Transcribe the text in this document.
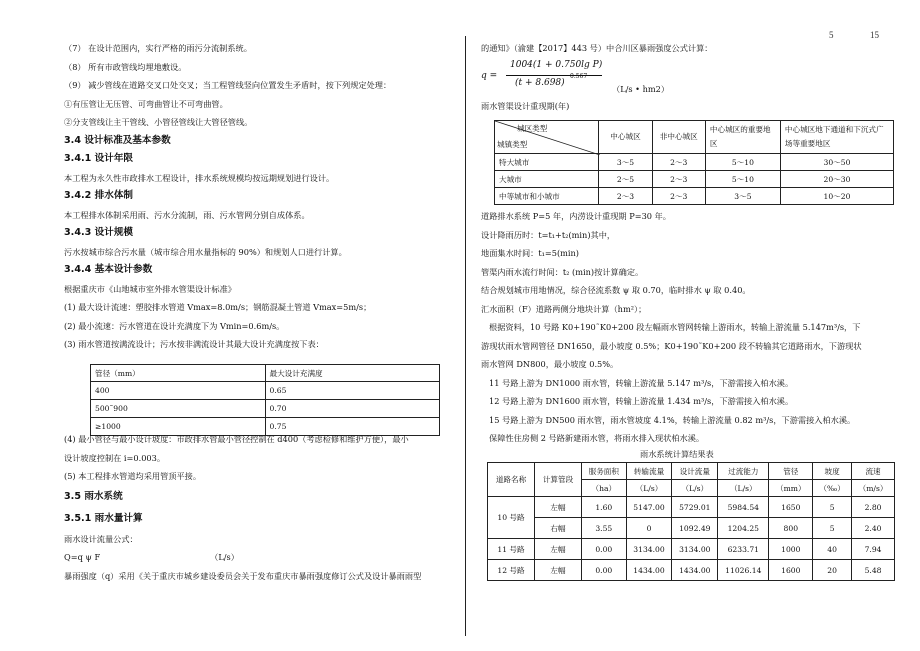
5	15

（7） 在设计范围内，实行严格的雨污分流制系统。

（8） 所有市政管线均埋地敷设。

（9） 减少管线在道路交叉口处交叉；当工程管线竖向位置发生矛盾时，按下列规定处理：

①有压管让无压管、可弯曲管让不可弯曲管。

②分支管线让主干管线、小管径管线让大管径管线。

3.4 设计标准及基本参数

3.4.1 设计年限

本工程为永久性市政排水工程设计，排水系统规模均按远期规划进行设计。

3.4.2 排水体制

本工程排水体制采用雨、污水分流制，雨、污水管网分别自成体系。

3.4.3 设计规模

污水按城市综合污水量（城市综合用水量指标的 90%）和规划人口进行计算。

3.4.4 基本设计参数

根据重庆市《山地城市室外排水管渠设计标准》

(1) 最大设计流速：塑胶排水管道 Vmax=8.0m/s；钢筋混凝土管道 Vmax=5m/s；

(2) 最小流速：污水管道在设计充满度下为 Vmin=0.6m/s。

(3) 雨水管道按满流设计；污水按非满流设计其最大设计充满度按下表：

管径（mm）	最大设计充满度
400	0.65
500˜900	0.70
≥1000	0.75

(4) 最小管径与最小设计坡度：市政排水管最小管径控制在 d400（考虑检修和维护方便），最小

设计坡度控制在 i=0.003。

(5) 本工程排水管道均采用管顶平接。

3.5 雨水系统

3.5.1 雨水量计算

雨水设计流量公式：

Q=q ψ F	（L/s）

暴雨强度（q）采用《关于重庆市城乡建设委员会关于发布重庆市暴雨强度修订公式及设计暴雨雨型

的通知》（渝建【2017】443 号）中合川区暴雨强度公式计算：

q =
1004(1 + 0.750lg P)
(t + 8.698)
0.567
（L/s • hm2）
雨水管渠设计重现期(年)
城区类型
城镇类型	中心城区	非中心城区	中心城区的重要地区	中心城区地下通道和下沉式广场等重要地区
特大城市	3～5	2～3	5～10	30～50
大城市	2～5	2～3	5～10	20～30
中等城市和小城市	2～3	2～3	3～5	10～20

道路排水系统 P=5 年，内涝设计重现期 P=30 年。

设计降雨历时：t=t₁+t₂(min)其中，

地面集水时间：t₁=5(min)

管渠内雨水流行时间：t₂ (min)按计算确定。

结合规划城市用地情况，综合径流系数 ψ 取 0.70，临时排水 ψ 取 0.40。

汇水面积（F）道路两侧分地块计算（hm²）；

根据资料，10 号路 K0+190˜K0+200 段左幅雨水管网转输上游雨水，转输上游流量 5.147m³/s，下

游现状雨水管网管径 DN1650，最小坡度 0.5%；K0+190˜K0+200 段不转输其它道路雨水，下游现状

雨水管网 DN800，最小坡度 0.5%。

11 号路上游为 DN1000 雨水管，转输上游流量 5.147 m³/s，下游需接入柏水溪。

12 号路上游为 DN1600 雨水管，转输上游流量 1.434 m³/s，下游需接入柏水溪。

15 号路上游为 DN500 雨水管，雨水管坡度 4.1%，转输上游流量 0.82 m³/s，下游需接入柏水溪。

保障性住房侧 2 号路新建雨水管，将雨水排入现状柏水溪。

雨水系统计算结果表
道路名称	计算管段	服务面积	转输流量	设计流量	过流能力	管径	坡度	流速
		（ha）	（L/s）	（L/s）	（L/s）	（mm）	（‰）	（m/s）
10 号路	左幅	1.60	5147.00	5729.01	5984.54	1650	5	2.80
	右幅	3.55	0	1092.49	1204.25	800	5	2.40
11 号路	左幅	0.00	3134.00	3134.00	6233.71	1000	40	7.94
12 号路	左幅	0.00	1434.00	1434.00	11026.14	1600	20	5.48
